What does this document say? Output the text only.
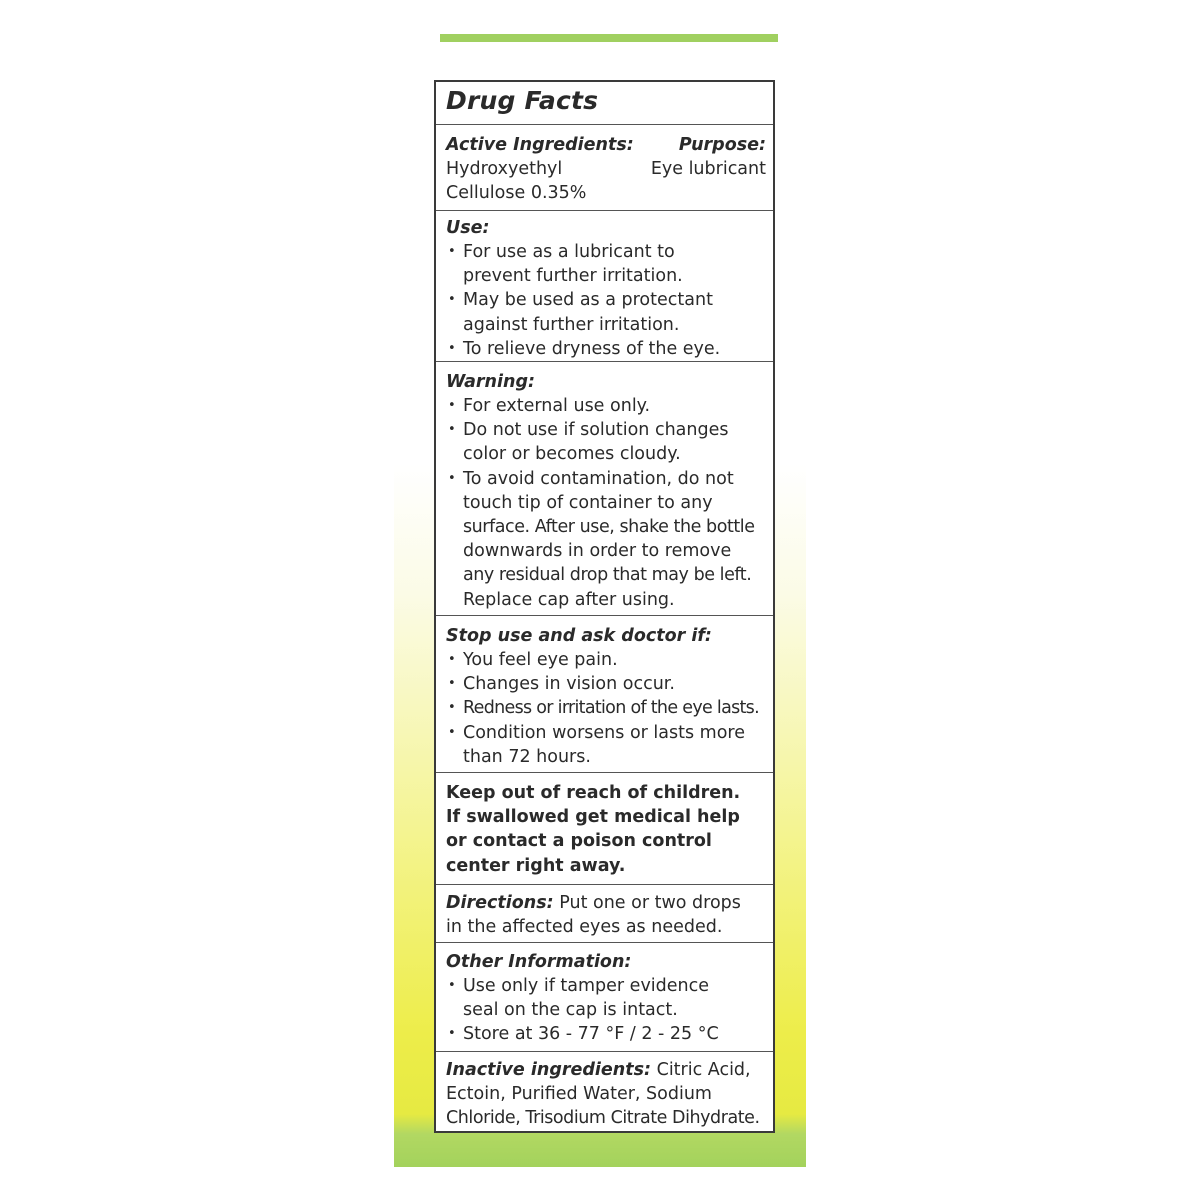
Drug Facts
Active Ingredients:	Purpose:
Hydroxyethyl	Eye lubricant
Cellulose 0.35%
Use:
• For use as a lubricant to
prevent further irritation.
• May be used as a protectant
against further irritation.
• To relieve dryness of the eye.
Warning:
• For external use only.
• Do not use if solution changes
color or becomes cloudy.
• To avoid contamination, do not
touch tip of container to any
surface. After use, shake the bottle
downwards in order to remove
any residual drop that may be left.
Replace cap after using.
Stop use and ask doctor if:
• You feel eye pain.
• Changes in vision occur.
• Redness or irritation of the eye lasts.
• Condition worsens or lasts more
than 72 hours.
Keep out of reach of children.
If swallowed get medical help
or contact a poison control
center right away.
Directions: Put one or two drops
in the affected eyes as needed.
Other Information:
• Use only if tamper evidence
seal on the cap is intact.
• Store at 36 - 77 °F / 2 - 25 °C
Inactive ingredients: Citric Acid,
Ectoin, Purified Water, Sodium
Chloride, Trisodium Citrate Dihydrate.
